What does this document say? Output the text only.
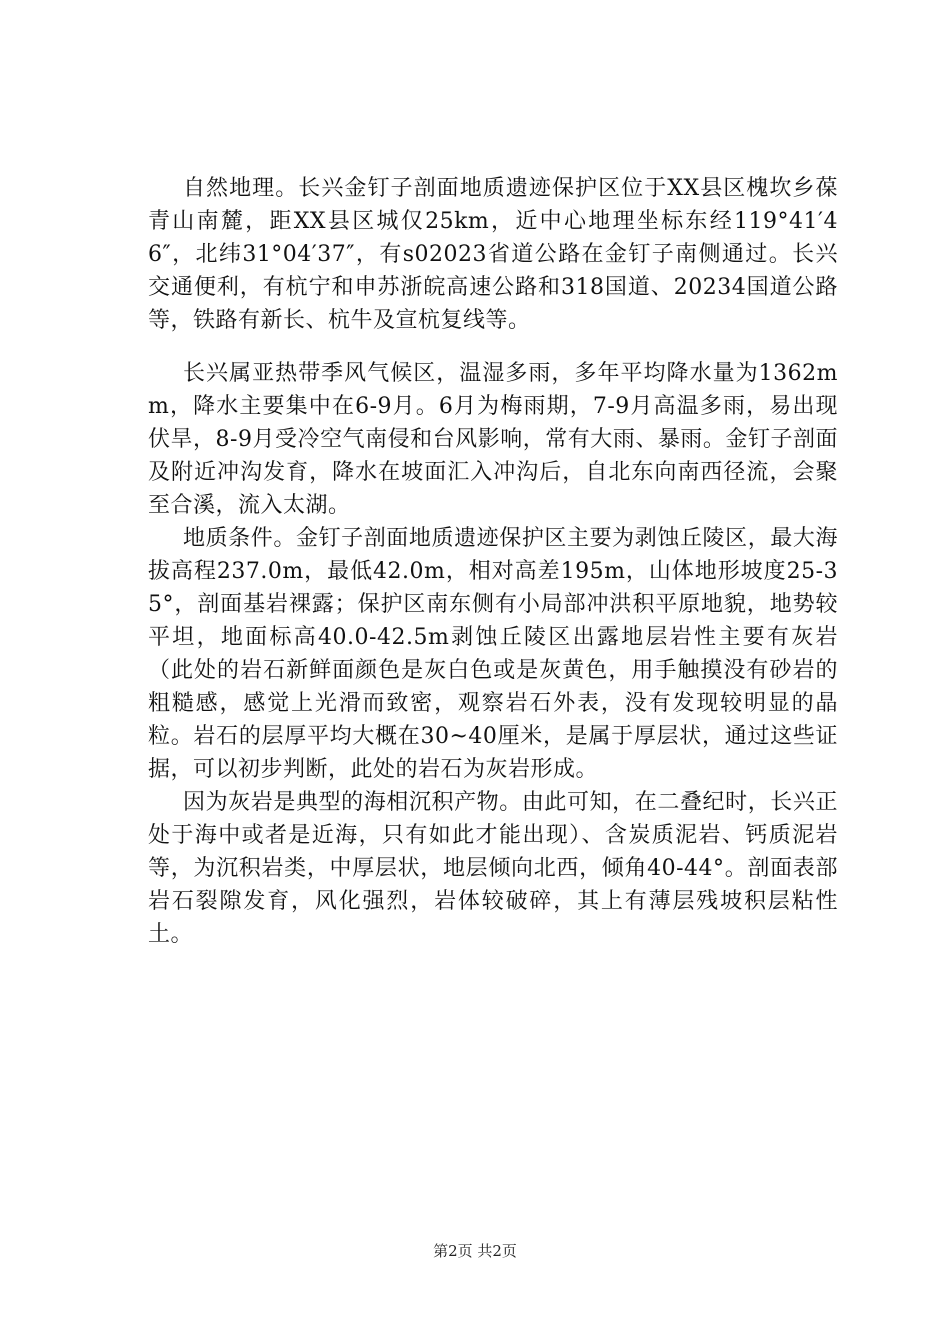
自然地理。长兴金钉子剖面地质遗迹保护区位于XX县区槐坎乡葆青山南麓，距XX县区城仅25km，近中心地理坐标东经119°41′46″，北纬31°04′37″，有s02023省道公路在金钉子南侧通过。长兴交通便利，有杭宁和申苏浙皖高速公路和318国道、20234国道公路等，铁路有新长、杭牛及宣杭复线等。

长兴属亚热带季风气候区，温湿多雨，多年平均降水量为1362mm，降水主要集中在6-9月。6月为梅雨期，7-9月高温多雨，易出现伏旱，8-9月受冷空气南侵和台风影响，常有大雨、暴雨。金钉子剖面及附近冲沟发育，降水在坡面汇入冲沟后，自北东向南西径流，会聚至合溪，流入太湖。

地质条件。金钉子剖面地质遗迹保护区主要为剥蚀丘陵区，最大海拔高程237.0m，最低42.0m，相对高差195m，山体地形坡度25-35°，剖面基岩裸露；保护区南东侧有小局部冲洪积平原地貌，地势较平坦，地面标高40.0-42.5m剥蚀丘陵区出露地层岩性主要有灰岩（此处的岩石新鲜面颜色是灰白色或是灰黄色，用手触摸没有砂岩的粗糙感，感觉上光滑而致密，观察岩石外表，没有发现较明显的晶粒。岩石的层厚平均大概在30~40厘米，是属于厚层状，通过这些证据，可以初步判断，此处的岩石为灰岩形成。

因为灰岩是典型的海相沉积产物。由此可知，在二叠纪时，长兴正处于海中或者是近海，只有如此才能出现）、含炭质泥岩、钙质泥岩等，为沉积岩类，中厚层状，地层倾向北西，倾角40-44°。剖面表部岩石裂隙发育，风化强烈，岩体较破碎，其上有薄层残坡积层粘性土。

第2页 共2页
